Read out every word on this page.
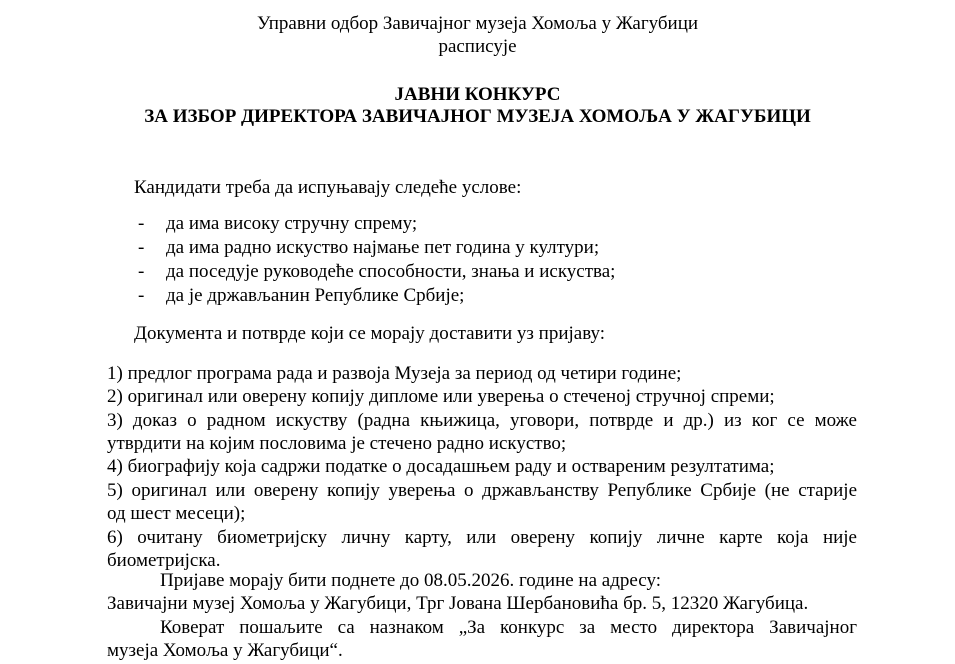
Управни одбор Завичајног музеја Хомоља у Жагубици
расписује
ЈАВНИ КОНКУРС
ЗА ИЗБОР ДИРЕКТОРА ЗАВИЧАЈНОГ МУЗЕЈА ХОМОЉА У ЖАГУБИЦИ
Кандидати треба да испуњавају следеће услове:
- да има високу стручну спрему;
- да има радно искуство најмање пет година у култури;
- да поседује руководеће способности, знања и искуства;
- да је држављанин Републике Србије;
Документа и потврде који се морају доставити уз пријаву:
1) предлог програма рада и развоја Музеја за период од четири године;
2) оригинал или оверену копију дипломе или уверења о стеченој стручној спреми;
3) доказ о радном искуству (радна књижица, уговори, потврде и др.) из ког се може
утврдити на којим пословима је стечено радно искуство;
4) биографију која садржи податке о досадашњем раду и оствареним резултатима;
5) оригинал или оверену копију уверења о држављанству Републике Србије (не старије
од шест месеци);
6) очитану биометријску личну карту, или оверену копију личне карте која није
биометријска.
Пријаве морају бити поднете до 08.05.2026. године на адресу:
Завичајни музеј Хомоља у Жагубици, Трг Јована Шербановића бр. 5, 12320 Жагубица.
Коверат пошаљите са назнаком „За конкурс за место директора Завичајног
музеја Хомоља у Жагубици“.
